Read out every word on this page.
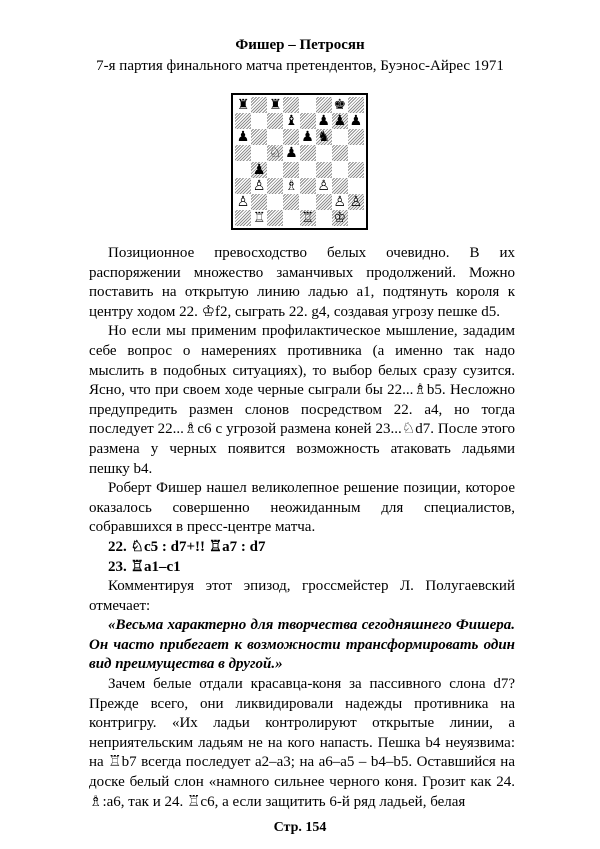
Фишер – Петросян
7-я партия финального матча претендентов, Буэнос-Айрес 1971
♜ ♜	♚
♝ ♟ ♟ ♟
♟
♟
♟ ♞
♘ ♟
♙ ♗ ♙
♙ ♙
♙
♖	♖ ♔

Позиционное превосходство белых очевидно. В их распоряжении множество заманчивых продолжений. Можно поставить на открытую линию ладью a1, подтянуть короля к центру ходом 22. ♔f2, сыграть 22. g4, создавая угрозу пешке d5.

Но если мы применим профилактическое мышление, зададим себе вопрос о намерениях противника (а именно так надо мыслить в подобных ситуациях), то выбор белых сразу сузится. Ясно, что при своем ходе черные сыграли бы 22...♗b5. Несложно предупредить размен слонов посредством 22. a4, но тогда последует 22...♗c6 с угрозой размена коней 23...♘d7. После этого размена у черных появится возможность атаковать ладьями пешку b4.

Роберт Фишер нашел великолепное решение позиции, которое оказалось совершенно неожиданным для специалистов, собравшихся в пресс-центре матча.

22. ♘c5 : d7+!! ♖a7 : d7

23. ♖a1–c1

Комментируя этот эпизод, гроссмейстер Л. Полугаевский отмечает:

«Весьма характерно для творчества сегодняшнего Фишера. Он часто прибегает к возможности трансформировать один вид преимущества в другой.»

Зачем белые отдали красавца-коня за пассивного слона d7? Прежде всего, они ликвидировали надежды противника на контригру. «Их ладьи контролируют открытые линии, а неприятельским ладьям не на кого напасть. Пешка b4 неуязвима: на ♖b7 всегда последует a2–a3; на a6–a5 – b4–b5. Оставшийся на доске белый слон «намного сильнее черного коня. Грозит как 24. ♗:a6, так и 24. ♖c6, а если защитить 6-й ряд ладьей, белая

Стр. 154
